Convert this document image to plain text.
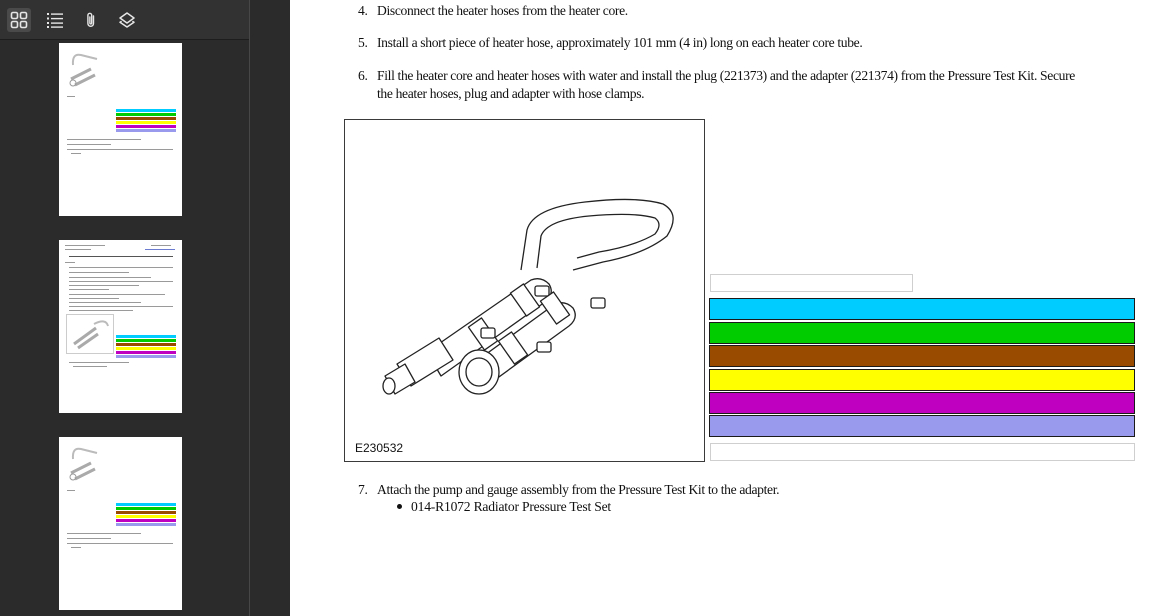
4. Disconnect the heater hoses from the heater core.
5. Install a short piece of heater hose, approximately 101 mm (4 in) long on each heater core tube.
6. Fill the heater core and heater hoses with water and install the plug (221373) and the adapter (221374) from the Pressure Test Kit. Secure
the heater hoses, plug and adapter with hose clamps.
E230532
7. Attach the pump and gauge assembly from the Pressure Test Kit to the adapter.
014-R1072 Radiator Pressure Test Set
